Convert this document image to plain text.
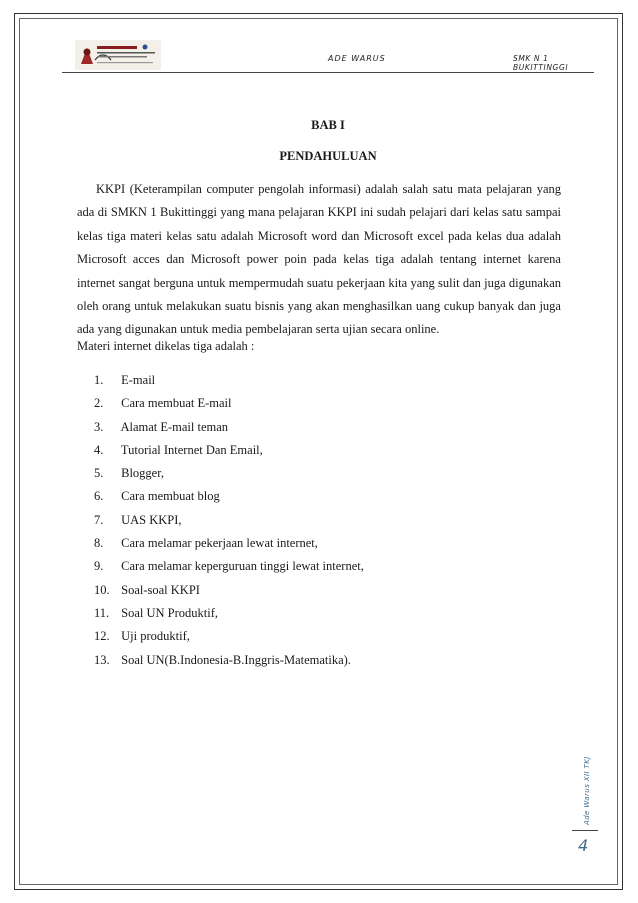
ADE WARUS	SMK N 1 BUKITTINGGI
BAB I
PENDAHULUAN

KKPI (Keterampilan computer pengolah informasi) adalah salah satu mata pelajaran yang ada di SMKN 1 Bukittinggi yang mana pelajaran KKPI ini sudah pelajari dari kelas satu sampai kelas tiga materi kelas satu adalah Microsoft word dan Microsoft excel pada kelas dua adalah Microsoft acces dan Microsoft power poin pada kelas tiga adalah tentang internet karena internet sangat berguna untuk mempermudah suatu pekerjaan kita yang sulit dan juga digunakan oleh orang untuk melakukan suatu bisnis yang akan menghasilkan uang cukup banyak dan juga ada yang digunakan untuk media pembelajaran serta ujian secara online.

Materi internet dikelas tiga adalah :

1. E-mail
2. Cara membuat E-mail
3. Alamat E-mail teman
4. Tutorial Internet Dan Email,
5. Blogger,
6. Cara membuat blog
7. UAS KKPI,
8. Cara melamar pekerjaan lewat internet,
9. Cara melamar keperguruan tinggi lewat internet,
10. Soal-soal KKPI
11. Soal UN Produktif,
12. Uji produktif,
13. Soal UN(B.Indonesia-B.Inggris-Matematika).
Ade Warus XII TKJ
4
